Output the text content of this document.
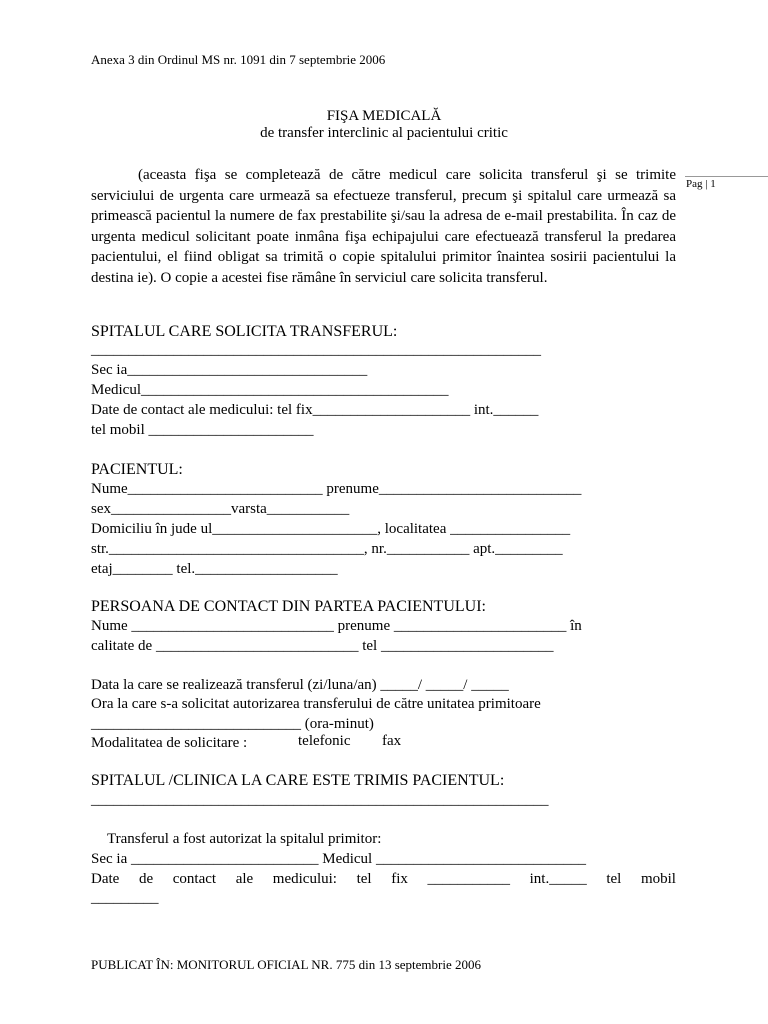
Anexa 3 din Ordinul MS nr. 1091 din 7 septembrie 2006
FIŞA MEDICALĂ
de transfer interclinic al pacientului critic
Pag | 1

(aceasta fişa se completează de către medicul care solicita transferul şi se trimite serviciului de urgenta care urmează sa efectueze transferul, precum şi spitalul care urmează sa primească pacientul la numere de fax prestabilite şi/sau la adresa de e-mail prestabilita. În caz de urgenta medicul solicitant poate inmâna fişa echipajului care efectuează transferul la predarea pacientului, el fiind obligat sa trimită o copie spitalului primitor înaintea sosirii pacientului la destina ie). O copie a acestei fise rămâne în serviciul care solicita transferul.

SPITALUL CARE SOLICITA TRANSFERUL:
____________________________________________________________
Sec ia________________________________
Medicul_________________________________________
Date de contact ale medicului: tel fix_____________________ int.______
tel mobil ______________________
PACIENTUL:
Nume__________________________ prenume___________________________
sex________________varsta___________
Domiciliu în jude ul______________________, localitatea ________________
str.__________________________________, nr.___________ apt._________
etaj________ tel.___________________
PERSOANA DE CONTACT DIN PARTEA PACIENTULUI:
Nume ___________________________ prenume _______________________ în
calitate de ___________________________ tel _______________________
Data la care se realizează transferul (zi/luna/an) _____/ _____/ _____
Ora la care s-a solicitat autorizarea transferului de către unitatea primitoare
____________________________ (ora-minut)
Modalitatea de solicitare :	telefonic fax
SPITALUL /CLINICA LA CARE ESTE TRIMIS PACIENTUL:
_____________________________________________________________
Transferul a fost autorizat la spitalul primitor:
Sec ia _________________________ Medicul ____________________________
Date de contact ale medicului: tel fix ___________ int._____ tel mobil
_________
PUBLICAT ÎN: MONITORUL OFICIAL NR. 775 din 13 septembrie 2006
